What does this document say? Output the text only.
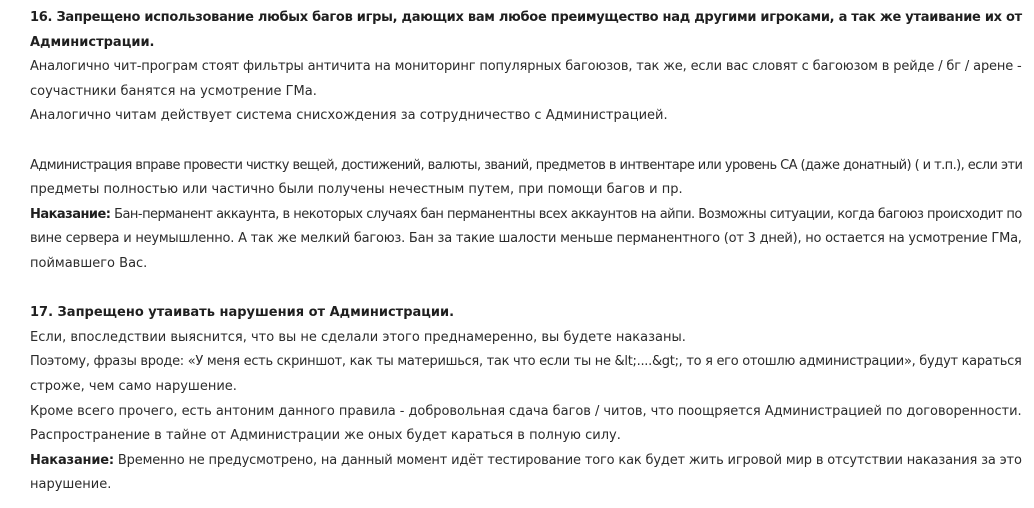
16. Запрещено использование любых багов игры, дающих вам любое преимущество над другими игроками, а так же утаивание их от
Администрации.
Аналогично чит-програм стоят фильтры античита на мониторинг популярных багоюзов, так же, если вас словят с багоюзом в рейде / бг / арене -
соучастники банятся на усмотрение ГМа.
Аналогично читам действует система снисхождения за сотрудничество с Администрацией.
Администрация вправе провести чистку вещей, достижений, валюты, званий, предметов в интвентаре или уровень СА (даже донатный) ( и т.п.), если эти
предметы полностью или частично были получены нечестным путем, при помощи багов и пр.
Наказание: Бан-перманент аккаунта, в некоторых случаях бан перманентны всех аккаунтов на айпи. Возможны ситуации, когда багоюз происходит по
вине сервера и неумышленно. А так же мелкий багоюз. Бан за такие шалости меньше перманентного (от 3 дней), но остается на усмотрение ГМа,
поймавшего Вас.
17. Запрещено утаивать нарушения от Администрации.
Если, впоследствии выяснится, что вы не сделали этого преднамеренно, вы будете наказаны.
Поэтому, фразы вроде: «У меня есть скриншот, как ты материшься, так что если ты не &lt;....&gt;, то я его отошлю администрации», будут караться
строже, чем само нарушение.
Кроме всего прочего, есть антоним данного правила - добровольная сдача багов / читов, что поощряется Администрацией по договоренности.
Распространение в тайне от Администрации же оных будет караться в полную силу.
Наказание: Временно не предусмотрено, на данный момент идёт тестирование того как будет жить игровой мир в отсутствии наказания за это
нарушение.
